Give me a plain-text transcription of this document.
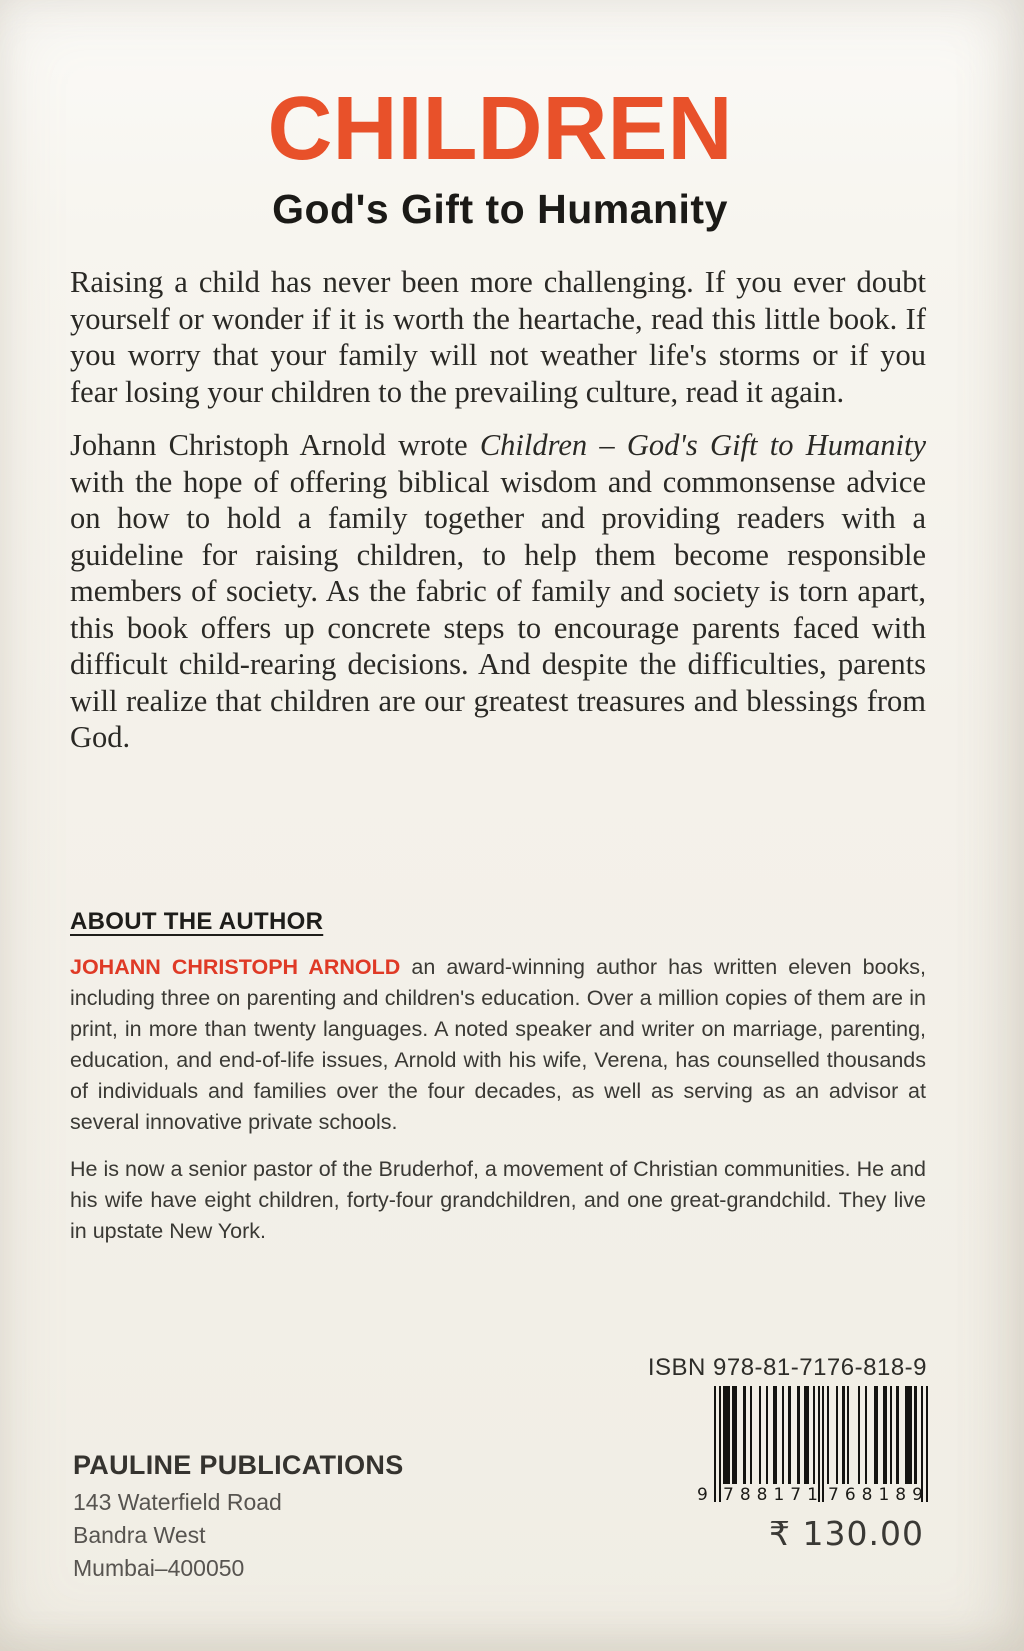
CHILDREN
God's Gift to Humanity

Raising a child has never been more challenging. If you ever doubt yourself or wonder if it is worth the heartache, read this little book. If you worry that your family will not weather life's storms or if you fear losing your children to the prevailing culture, read it again.

Johann Christoph Arnold wrote Children – God's Gift to Humanity with the hope of offering biblical wisdom and commonsense advice on how to hold a family together and providing readers with a guideline for raising children, to help them become responsible members of society. As the fabric of family and society is torn apart, this book offers up concrete steps to encourage parents faced with difficult child-rearing decisions. And despite the difficulties, parents will realize that children are our greatest treasures and blessings from God.

ABOUT THE AUTHOR

JOHANN CHRISTOPH ARNOLD an award-winning author has written eleven books, including three on parenting and children's education. Over a million copies of them are in print, in more than twenty languages. A noted speaker and writer on marriage, parenting, education, and end-of-life issues, Arnold with his wife, Verena, has counselled thousands of individuals and families over the four decades, as well as serving as an advisor at several innovative private schools.

He is now a senior pastor of the Bruderhof, a movement of Christian communities. He and his wife have eight children, forty-four grandchildren, and one great-grandchild. They live in upstate New York.

ISBN 978-81-7176-818-9
9 788171 768189
₹ 130.00
PAULINE PUBLICATIONS
143 Waterfield Road
Bandra West
Mumbai–400050
